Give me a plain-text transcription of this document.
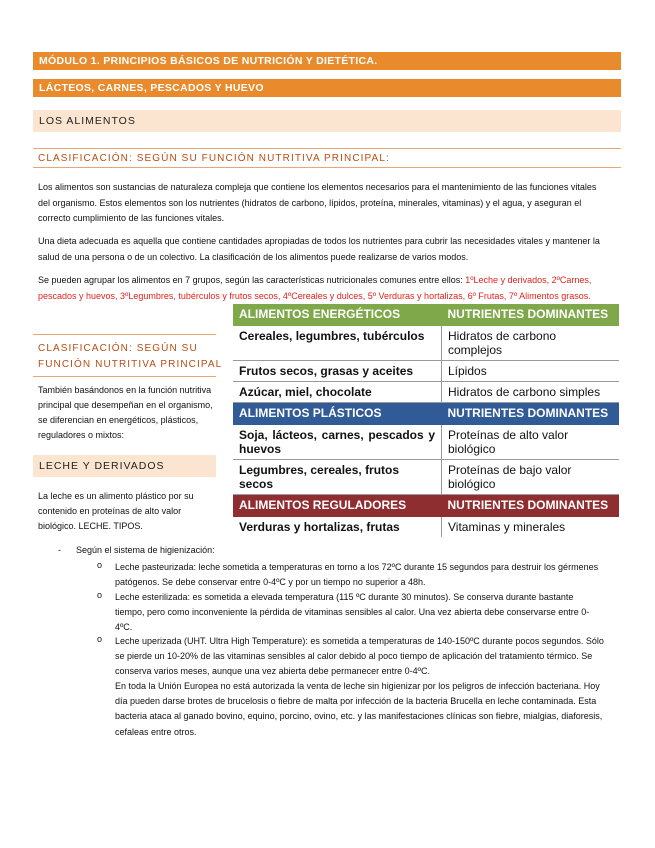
MÓDULO 1. PRINCIPIOS BÁSICOS DE NUTRICIÓN Y DIETÉTICA.
LÁCTEOS, CARNES, PESCADOS Y HUEVO
LOS ALIMENTOS
CLASIFICACIÓN: SEGÚN SU FUNCIÓN NUTRITIVA PRINCIPAL:
Los alimentos son sustancias de naturaleza compleja que contiene los elementos necesarios para el mantenimiento de las funciones vitales del organismo. Estos elementos son los nutrientes (hidratos de carbono, lípidos, proteína, minerales, vitaminas) y el agua, y aseguran el correcto cumplimiento de las funciones vitales.
Una dieta adecuada es aquella que contiene cantidades apropiadas de todos los nutrientes para cubrir las necesidades vitales y mantener la salud de una persona o de un colectivo. La clasificación de los alimentos puede realizarse de varios modos.
Se pueden agrupar los alimentos en 7 grupos, según las características nutricionales comunes entre ellos: 1ºLeche y derivados, 2ºCarnes, pescados y huevos, 3ºLegumbres, tubérculos y frutos secos, 4ºCereales y dulces, 5º Verduras y hortalizas, 6º Frutas, 7º Alimentos grasos.
ALIMENTOS ENERGÉTICOS	NUTRIENTES DOMINANTES
Cereales, legumbres, tubérculos	Hidratos de carbono complejos
Frutos secos, grasas y aceites	Lípidos
Azúcar, miel, chocolate	Hidratos de carbono simples
ALIMENTOS PLÁSTICOS	NUTRIENTES DOMINANTES
Soja, lácteos, carnes, pescados y huevos	Proteínas de alto valor biológico
Legumbres, cereales, frutos secos	Proteínas de bajo valor biológico
ALIMENTOS REGULADORES	NUTRIENTES DOMINANTES
Verduras y hortalizas, frutas	Vitaminas y minerales
CLASIFICACIÓN: SEGÚN SU
FUNCIÓN NUTRITIVA PRINCIPAL
También basándonos en la función nutritiva principal que desempeñan en el organismo, se diferencian en energéticos, plásticos, reguladores o mixtos:
LECHE Y DERIVADOS
La leche es un alimento plástico por su contenido en proteínas de alto valor biológico. LECHE. TIPOS.
- Según el sistema de higienización:
o Leche pasteurizada: leche sometida a temperaturas en torno a los 72ºC durante 15 segundos para destruir los gérmenes patógenos. Se debe conservar entre 0-4ºC y por un tiempo no superior a 48h.
o Leche esterilizada: es sometida a elevada temperatura (115 ºC durante 30 minutos). Se conserva durante bastante tiempo, pero como inconveniente la pérdida de vitaminas sensibles al calor. Una vez abierta debe conservarse entre 0-4ºC.
o Leche uperizada (UHT. Ultra High Temperature): es sometida a temperaturas de 140-150ºC durante pocos segundos. Sólo se pierde un 10-20% de las vitaminas sensibles al calor debido al poco tiempo de aplicación del tratamiento térmico. Se conserva varios meses, aunque una vez abierta debe permanecer entre 0-4ºC.
En toda la Unión Europea no está autorizada la venta de leche sin higienizar por los peligros de infección bacteriana. Hoy día pueden darse brotes de brucelosis o fiebre de malta por infección de la bacteria Brucella en leche contaminada. Esta bacteria ataca al ganado bovino, equino, porcino, ovino, etc. y las manifestaciones clínicas son fiebre, mialgias, diaforesis, cefaleas entre otros.
